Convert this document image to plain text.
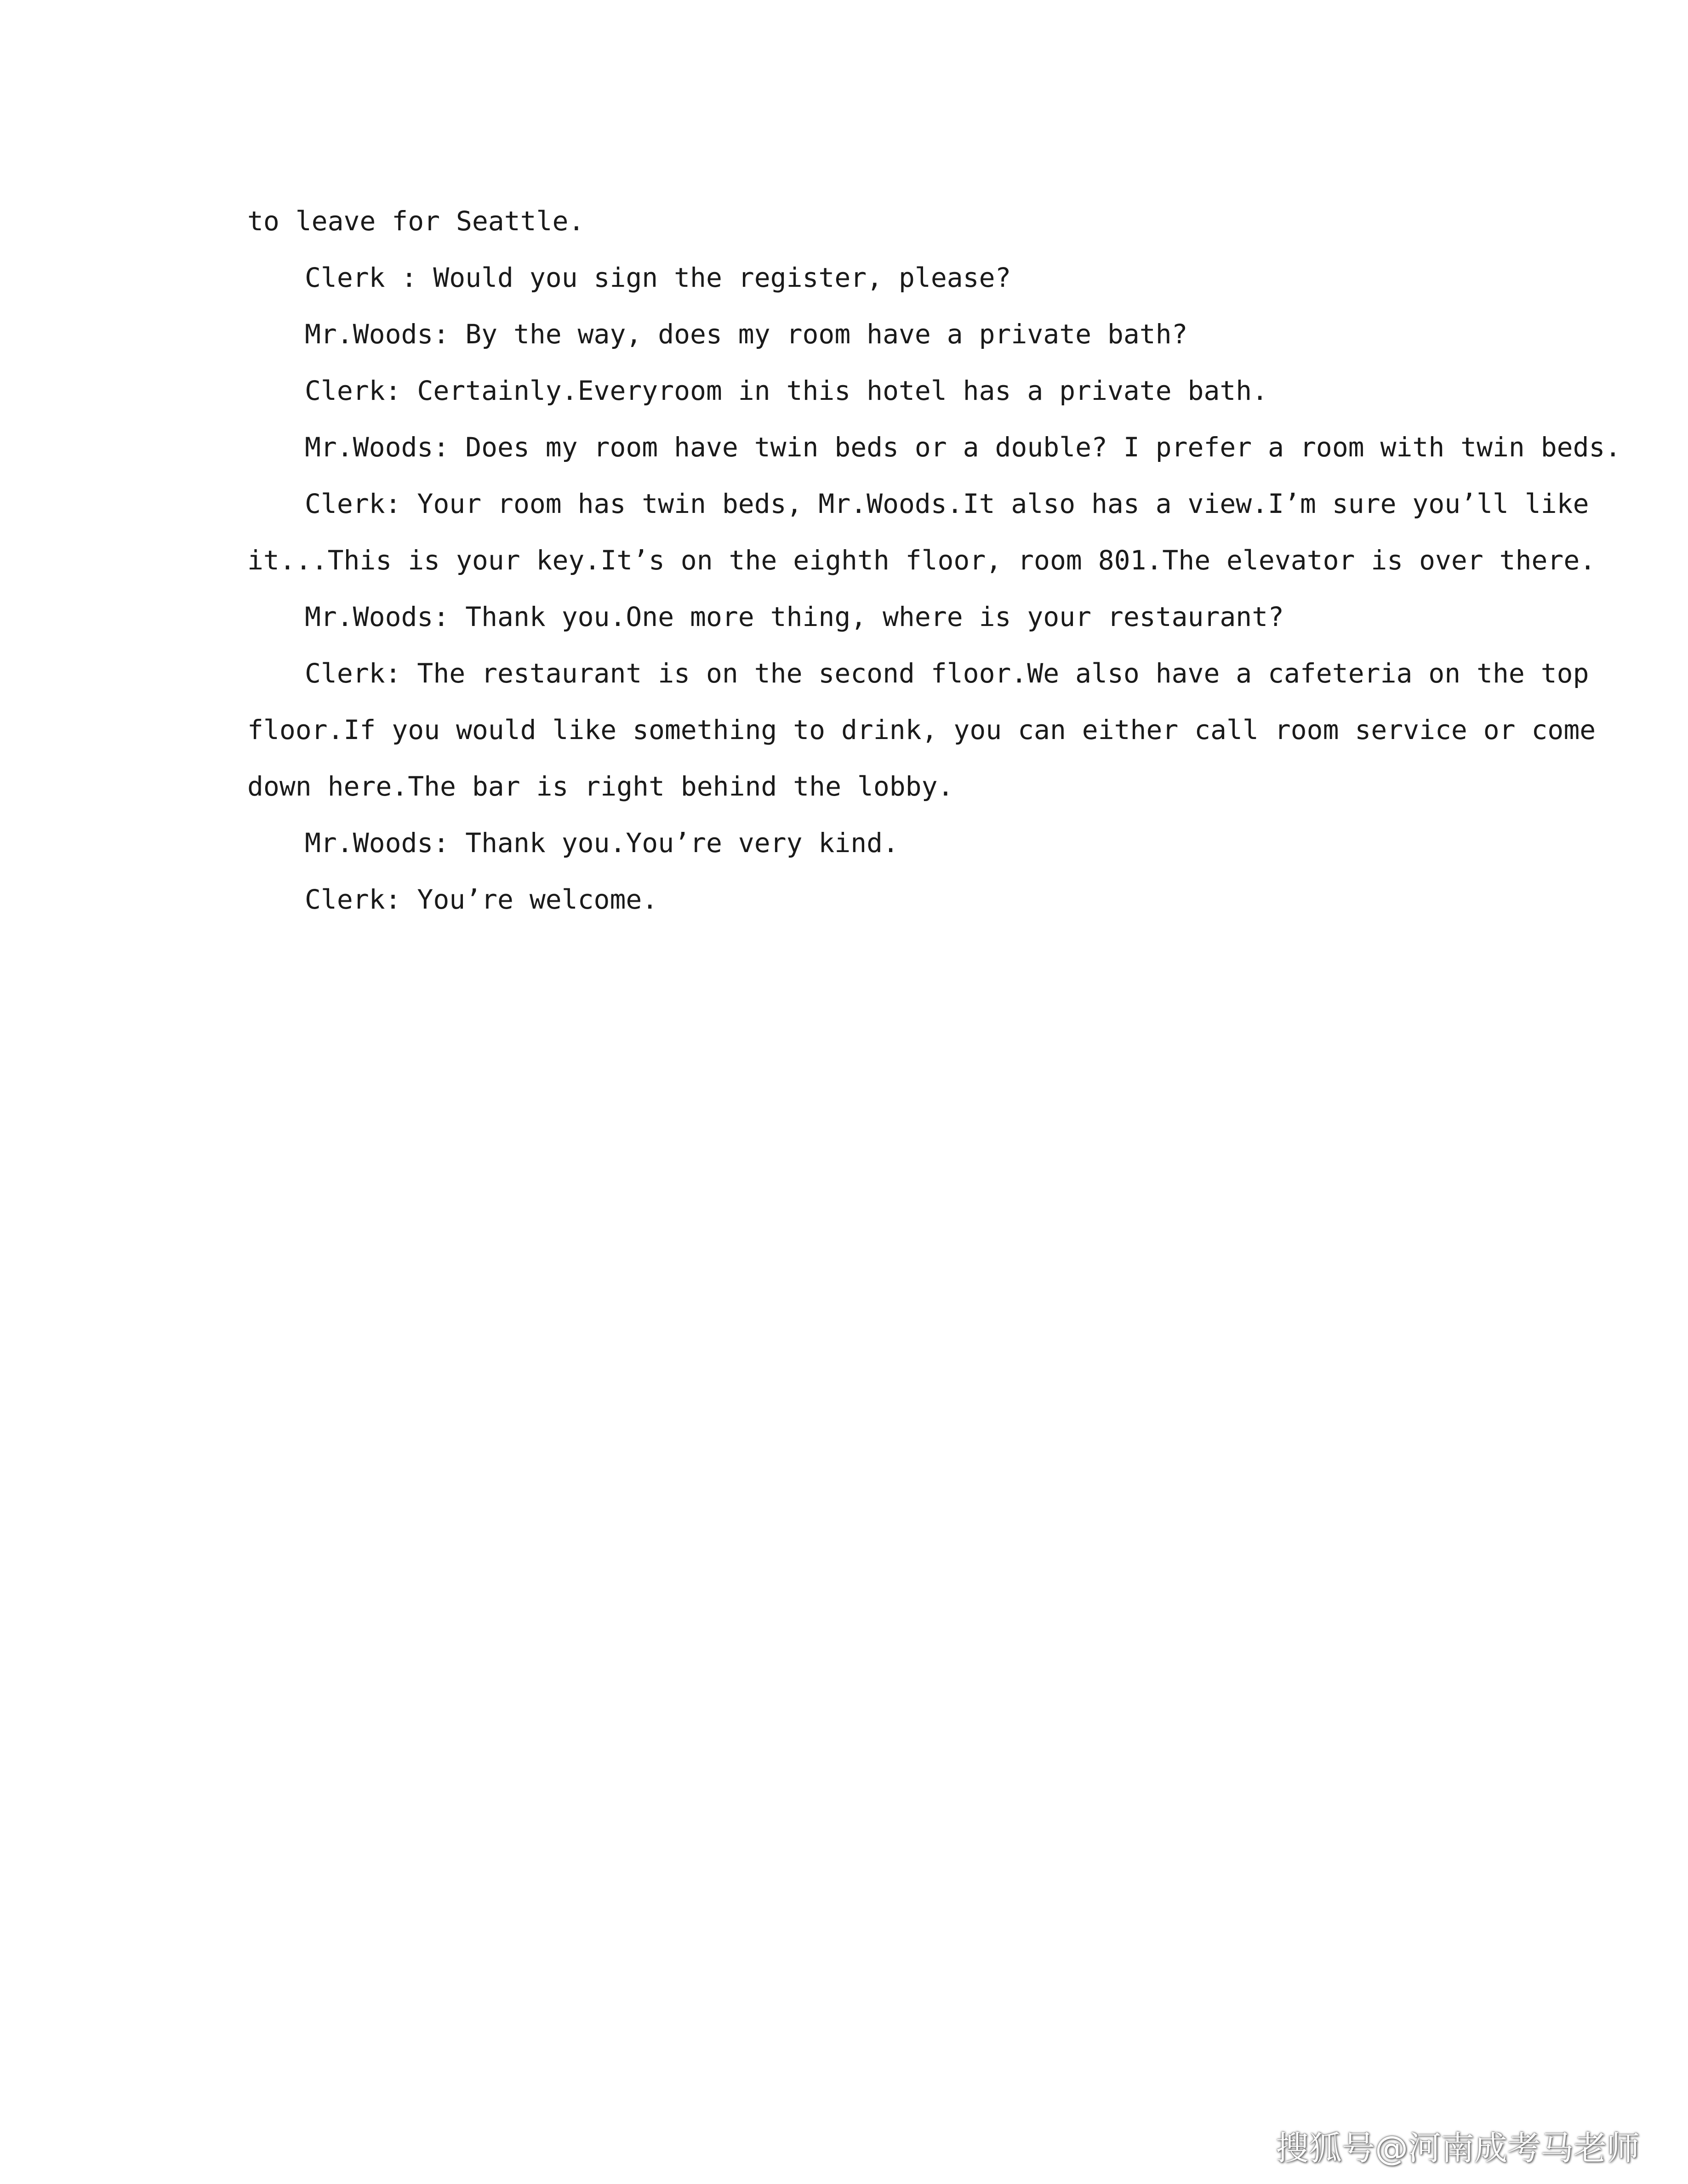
to leave for Seattle.
Clerk : Would you sign the register, please?
Mr.Woods: By the way, does my room have a private bath?
Clerk: Certainly.Everyroom in this hotel has a private bath.
Mr.Woods: Does my room have twin beds or a double? I prefer a room with twin beds.
Clerk: Your room has twin beds, Mr.Woods.It also has a view.I’m sure you’ll like
it...This is your key.It’s on the eighth floor, room 801.The elevator is over there.
Mr.Woods: Thank you.One more thing, where is your restaurant?
Clerk: The restaurant is on the second floor.We also have a cafeteria on the top
floor.If you would like something to drink, you can either call room service or come
down here.The bar is right behind the lobby.
Mr.Woods: Thank you.You’re very kind.
Clerk: You’re welcome.
搜狐号@河南成考马老师
